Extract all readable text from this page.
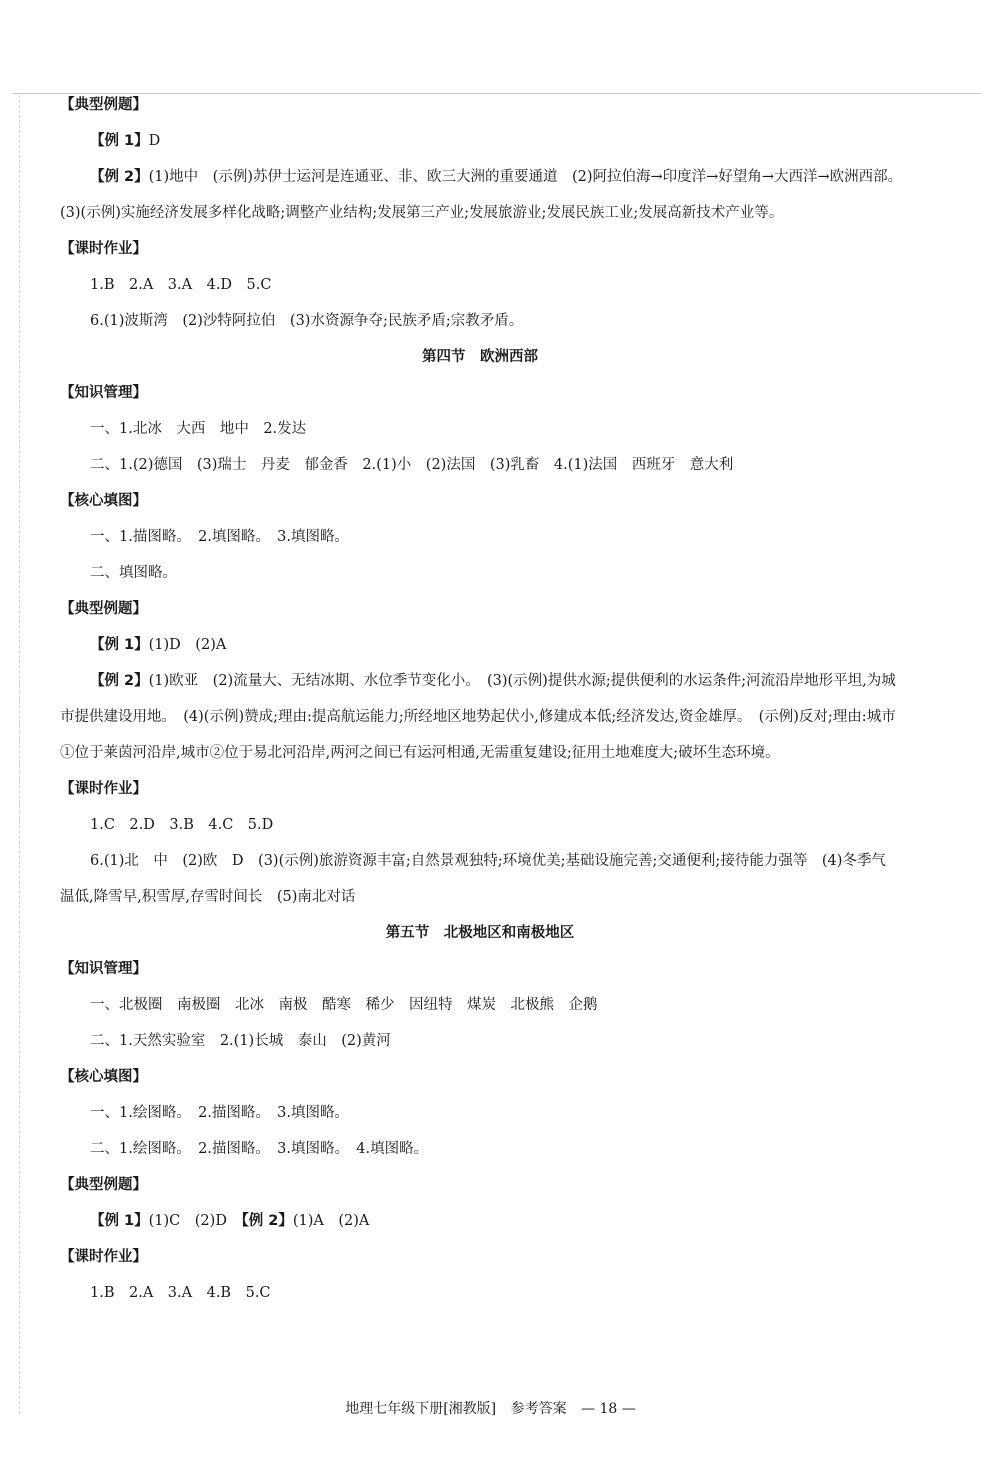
【典型例题】
【例 1】D
【例 2】(1)地中　(示例)苏伊士运河是连通亚、非、欧三大洲的重要通道　(2)阿拉伯海→印度洋→好望角→大西洋→欧洲西部。　(3)(示例)实施经济发展多样化战略;调整产业结构;发展第三产业;发展旅游业;发展民族工业;发展高新技术产业等。
【课时作业】
1.B　2.A　3.A　4.D　5.C
6.(1)波斯湾　(2)沙特阿拉伯　(3)水资源争夺;民族矛盾;宗教矛盾。
第四节　欧洲西部
【知识管理】
一、1.北冰　大西　地中　2.发达
二、1.(2)德国　(3)瑞士　丹麦　郁金香　2.(1)小　(2)法国　(3)乳畜　4.(1)法国　西班牙　意大利
【核心填图】
一、1.描图略。　2.填图略。　3.填图略。
二、填图略。
【典型例题】
【例 1】(1)D　(2)A
【例 2】(1)欧亚　(2)流量大、无结冰期、水位季节变化小。　(3)(示例)提供水源;提供便利的水运条件;河流沿岸地形平坦,为城市提供建设用地。　(4)(示例)赞成;理由:提高航运能力;所经地区地势起伏小,修建成本低;经济发达,资金雄厚。　(示例)反对;理由:城市①位于莱茵河沿岸,城市②位于易北河沿岸,两河之间已有运河相通,无需重复建设;征用土地难度大;破坏生态环境。
【课时作业】
1.C　2.D　3.B　4.C　5.D
6.(1)北　中　(2)欧　D　(3)(示例)旅游资源丰富;自然景观独特;环境优美;基础设施完善;交通便利;接待能力强等　(4)冬季气温低,降雪早,积雪厚,存雪时间长　(5)南北对话
第五节　北极地区和南极地区
【知识管理】
一、北极圈　南极圈　北冰　南极　酷寒　稀少　因纽特　煤炭　北极熊　企鹅
二、1.天然实验室　2.(1)长城　泰山　(2)黄河
【核心填图】
一、1.绘图略。　2.描图略。　3.填图略。
二、1.绘图略。　2.描图略。　3.填图略。　4.填图略。
【典型例题】
【例 1】(1)C　(2)D　 【例 2】(1)A　(2)A
【课时作业】
1.B　2.A　3.A　4.B　5.C
地理七年级下册[湘教版] 参考答案 — 18 —
